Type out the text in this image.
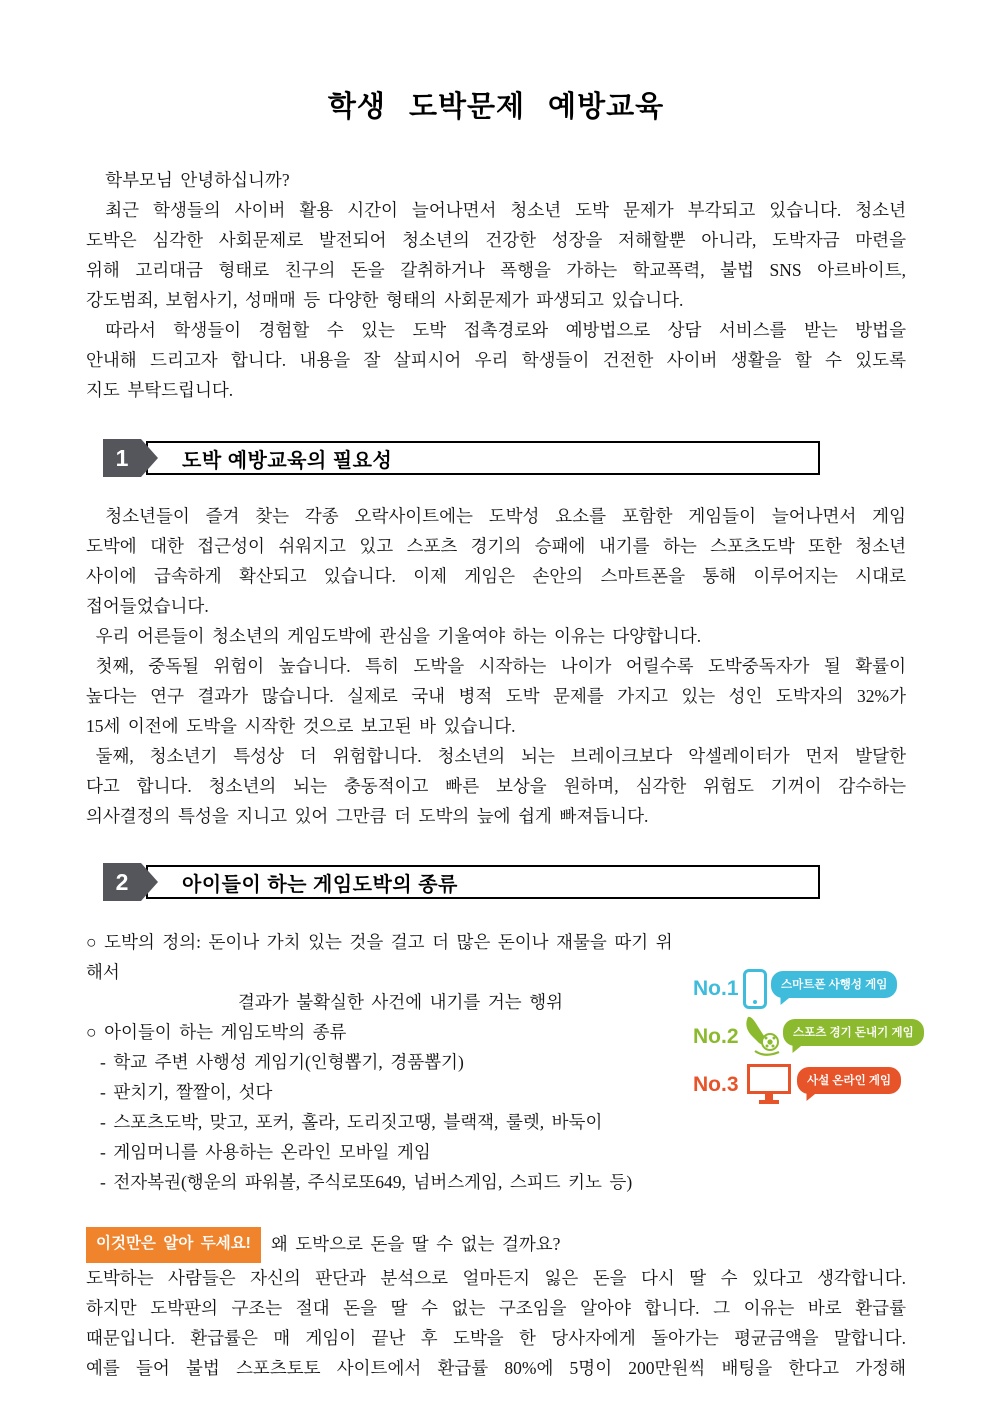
학생 도박문제 예방교육
학부모님 안녕하십니까?
최근 학생들의 사이버 활용 시간이 늘어나면서 청소년 도박 문제가 부각되고 있습니다. 청소년
도박은 심각한 사회문제로 발전되어 청소년의 건강한 성장을 저해할뿐 아니라, 도박자금 마련을
위해 고리대금 형태로 친구의 돈을 갈취하거나 폭행을 가하는 학교폭력, 불법 SNS 아르바이트,
강도범죄, 보험사기, 성매매 등 다양한 형태의 사회문제가 파생되고 있습니다.
따라서 학생들이 경험할 수 있는 도박 접촉경로와 예방법으로 상담 서비스를 받는 방법을
안내해 드리고자 합니다. 내용을 잘 살피시어 우리 학생들이 건전한 사이버 생활을 할 수 있도록
지도 부탁드립니다.
1	도박 예방교육의 필요성
청소년들이 즐겨 찾는 각종 오락사이트에는 도박성 요소를 포함한 게임들이 늘어나면서 게임
도박에 대한 접근성이 쉬워지고 있고 스포츠 경기의 승패에 내기를 하는 스포츠도박 또한 청소년
사이에 급속하게 확산되고 있습니다. 이제 게임은 손안의 스마트폰을 통해 이루어지는 시대로
접어들었습니다.
우리 어른들이 청소년의 게임도박에 관심을 기울여야 하는 이유는 다양합니다.
첫째, 중독될 위험이 높습니다. 특히 도박을 시작하는 나이가 어릴수록 도박중독자가 될 확률이
높다는 연구 결과가 많습니다. 실제로 국내 병적 도박 문제를 가지고 있는 성인 도박자의 32%가
15세 이전에 도박을 시작한 것으로 보고된 바 있습니다.
둘째, 청소년기 특성상 더 위험합니다. 청소년의 뇌는 브레이크보다 악셀레이터가 먼저 발달한
다고 합니다. 청소년의 뇌는 충동적이고 빠른 보상을 원하며, 심각한 위험도 기꺼이 감수하는
의사결정의 특성을 지니고 있어 그만큼 더 도박의 늪에 쉽게 빠져듭니다.
2	아이들이 하는 게임도박의 종류
○ 도박의 정의: 돈이나 가치 있는 것을 걸고 더 많은 돈이나 재물을 따기 위해서
결과가 불확실한 사건에 내기를 거는 행위
○ 아이들이 하는 게임도박의 종류
- 학교 주변 사행성 게임기(인형뽑기, 경품뽑기)
- 판치기, 짤짤이, 섯다
- 스포츠도박, 맞고, 포커, 홀라, 도리짓고땡, 블랙잭, 룰렛, 바둑이
- 게임머니를 사용하는 온라인 모바일 게임
- 전자복권(행운의 파워볼, 주식로또649, 넘버스게임, 스피드 키노 등)
이것만은 알아 두세요! 왜 도박으로 돈을 딸 수 없는 걸까요?
도박하는 사람들은 자신의 판단과 분석으로 얼마든지 잃은 돈을 다시 딸 수 있다고 생각합니다.
하지만 도박판의 구조는 절대 돈을 딸 수 없는 구조임을 알아야 합니다. 그 이유는 바로 환급률
때문입니다. 환급률은 매 게임이 끝난 후 도박을 한 당사자에게 돌아가는 평균금액을 말합니다.
예를 들어 불법 스포츠토토 사이트에서 환급률 80%에 5명이 200만원씩 배팅을 한다고 가정해
No.1	스마트폰 사행성 게임
No.2	스포츠 경기 돈내기 게임
No.3	사설 온라인 게임
